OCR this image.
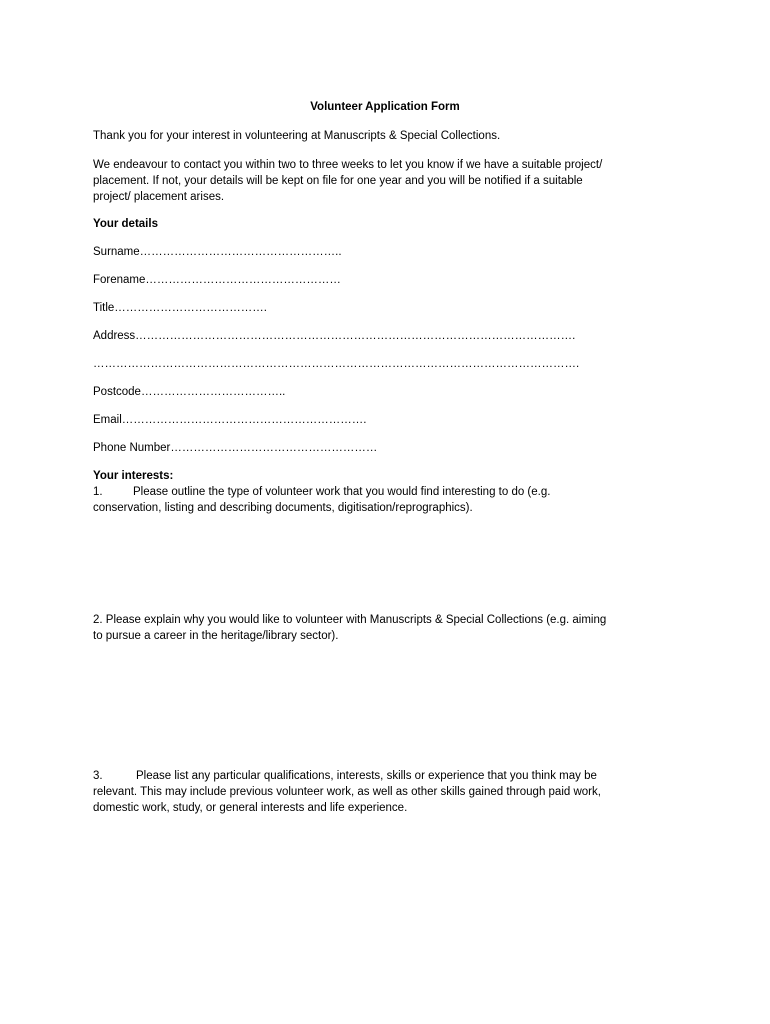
Volunteer Application Form
Thank you for your interest in volunteering at Manuscripts & Special Collections.
We endeavour to contact you within two to three weeks to let you know if we have a suitable project/
placement. If not, your details will be kept on file for one year and you will be notified if a suitable
project/ placement arises.
Your details
Surname……………………………………………..
Forename……………………………………………
Title………………………………….
Address…………………………………………………………………………………………………….
……………………………………………………………………………………………………………….
Postcode………………………………..
Email……………………………………………………….
Phone Number………………………………………………
Your interests:
1.	Please outline the type of volunteer work that you would find interesting to do (e.g.
conservation, listing and describing documents, digitisation/reprographics).
2. Please explain why you would like to volunteer with Manuscripts & Special Collections (e.g. aiming
to pursue a career in the heritage/library sector).
3.	Please list any particular qualifications, interests, skills or experience that you think may be
relevant. This may include previous volunteer work, as well as other skills gained through paid work,
domestic work, study, or general interests and life experience.
